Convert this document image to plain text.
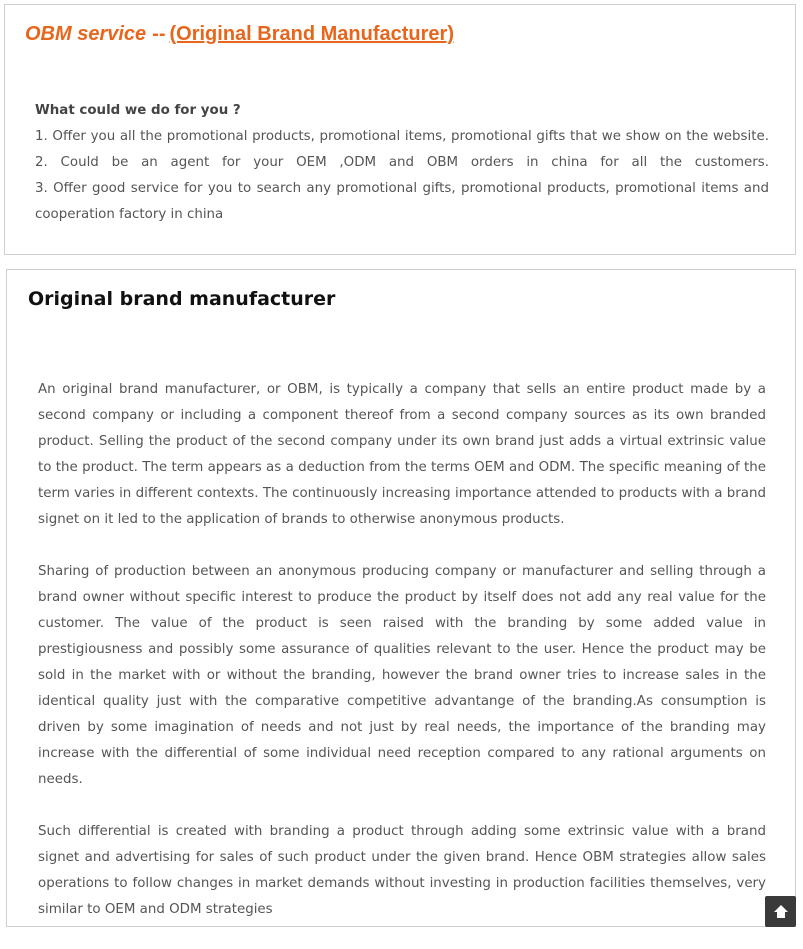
OBM service -- (Original Brand Manufacturer)
What could we do for you ?
1. Offer you all the promotional products, promotional items, promotional gifts that we show on the website.
2. Could be an agent for your OEM ,ODM and OBM orders in china for all the customers.
3. Offer good service for you to search any promotional gifts, promotional products, promotional items and cooperation factory in china
Original brand manufacturer

An original brand manufacturer, or OBM, is typically a company that sells an entire product made by a second company or including a component thereof from a second company sources as its own branded product. Selling the product of the second company under its own brand just adds a virtual extrinsic value to the product. The term appears as a deduction from the terms OEM and ODM. The specific meaning of the term varies in different contexts. The continuously increasing importance attended to products with a brand signet on it led to the application of brands to otherwise anonymous products.

Sharing of production between an anonymous producing company or manufacturer and selling through a brand owner without specific interest to produce the product by itself does not add any real value for the customer. The value of the product is seen raised with the branding by some added value in prestigiousness and possibly some assurance of qualities relevant to the user. Hence the product may be sold in the market with or without the branding, however the brand owner tries to increase sales in the identical quality just with the comparative competitive advantange of the branding.As consumption is driven by some imagination of needs and not just by real needs, the importance of the branding may increase with the differential of some individual need reception compared to any rational arguments on needs.

Such differential is created with branding a product through adding some extrinsic value with a brand signet and advertising for sales of such product under the given brand. Hence OBM strategies allow sales operations to follow changes in market demands without investing in production facilities themselves, very similar to OEM and ODM strategies
